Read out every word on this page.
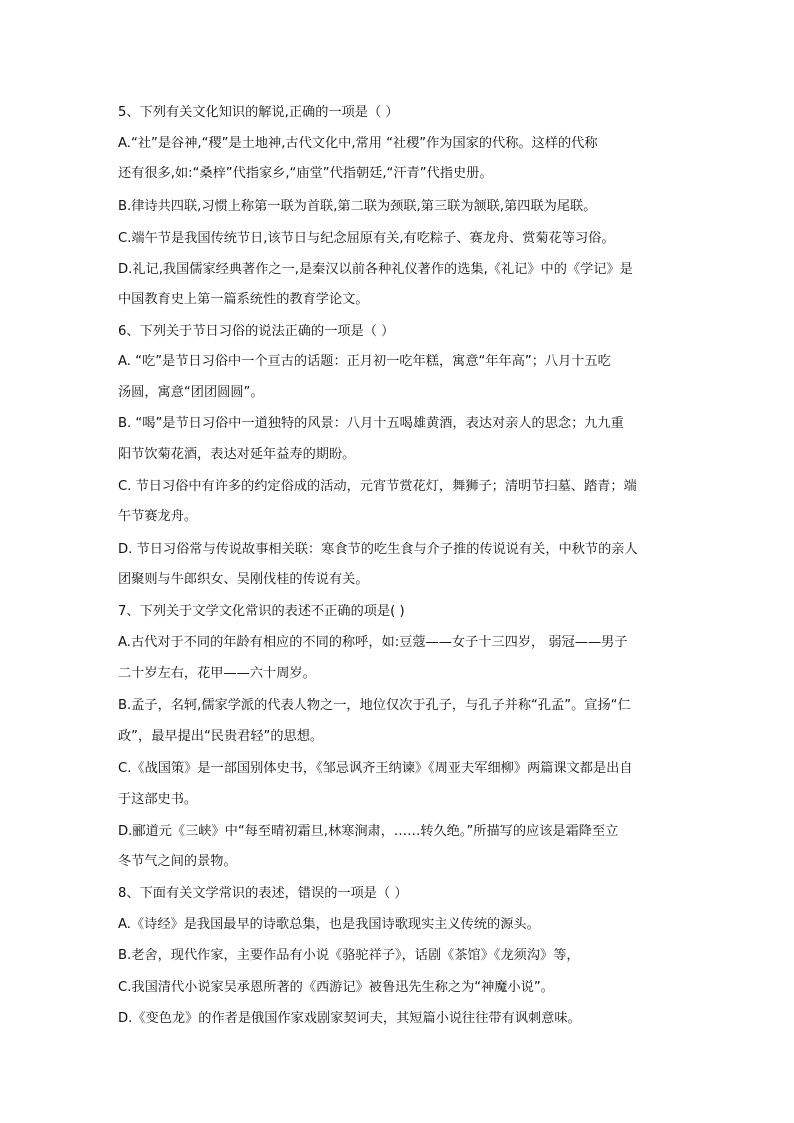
5、下列有关文化知识的解说,正确的一项是（ ）
A.“社”是谷神,“稷”是土地神,古代文化中,常用 “社稷”作为国家的代称。这样的代称
还有很多,如:“桑梓”代指家乡,“庙堂”代指朝廷,“汗青”代指史册。
B.律诗共四联,习惯上称第一联为首联,第二联为颈联,第三联为颔联,第四联为尾联。
C.端午节是我国传统节日,该节日与纪念屈原有关,有吃粽子、赛龙舟、赏菊花等习俗。
D.礼记,我国儒家经典著作之一,是秦汉以前各种礼仪著作的选集,《礼记》中的《学记》是
中国教育史上第一篇系统性的教育学论文。
6、下列关于节日习俗的说法正确的一项是（ ）
A. “吃”是节日习俗中一个亘古的话题：正月初一吃年糕，寓意“年年高”；八月十五吃
汤圆，寓意“团团圆圆”。
B. “喝”是节日习俗中一道独特的风景：八月十五喝雄黄酒，表达对亲人的思念；九九重
阳节饮菊花酒，表达对延年益寿的期盼。
C. 节日习俗中有许多的约定俗成的活动，元宵节赏花灯，舞狮子；清明节扫墓、踏青；端
午节赛龙舟。
D. 节日习俗常与传说故事相关联：寒食节的吃生食与介子推的传说说有关，中秋节的亲人
团聚则与牛郎织女、吴刚伐桂的传说有关。
7、下列关于文学文化常识的表述不正确的项是( )
A.古代对于不同的年龄有相应的不同的称呼，如:豆蔻——女子十三四岁， 弱冠——男子
二十岁左右，花甲——六十周岁。
B.孟子，名轲,儒家学派的代表人物之一，地位仅次于孔子，与孔子并称“孔孟”。宣扬“仁
政”，最早提出“民贵君轻”的思想。
C.《战国策》是一部国别体史书，《邹忌讽齐王纳谏》《周亚夫军细柳》两篇课文都是出自
于这部史书。
D.郦道元《三峡》中“每至晴初霜旦,林寒涧肃，……转久绝。”所描写的应该是霜降至立
冬节气之间的景物。
8、下面有关文学常识的表述，错误的一项是（ ）
A.《诗经》是我国最早的诗歌总集，也是我国诗歌现实主义传统的源头。
B.老舍，现代作家，主要作品有小说《骆驼祥子》，话剧《茶馆》《龙须沟》等，
C.我国清代小说家吴承恩所著的《西游记》被鲁迅先生称之为“神魔小说”。
D.《变色龙》的作者是俄国作家戏剧家契诃夫，其短篇小说往往带有讽刺意味。
